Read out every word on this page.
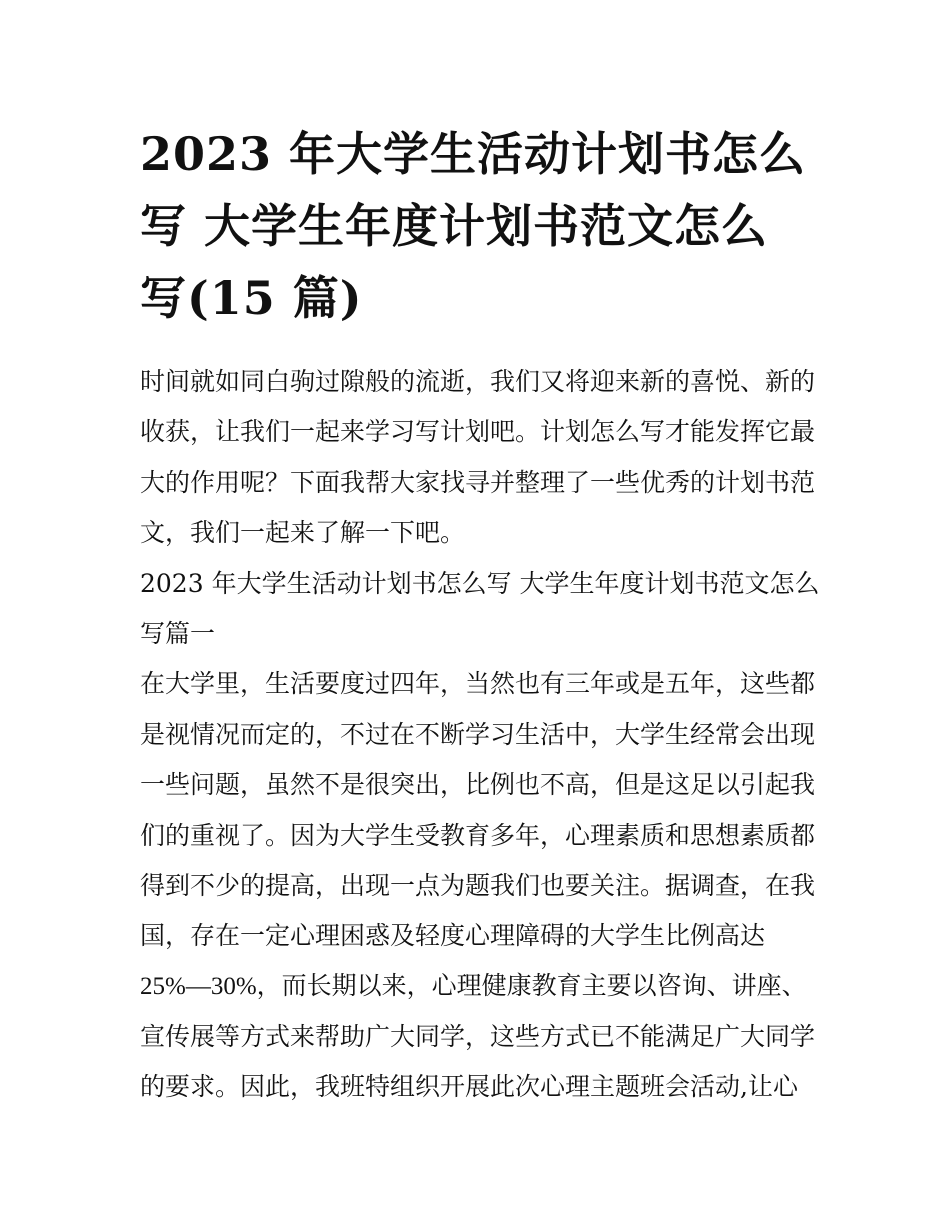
2023 年大学生活动计划书怎么
写 大学生年度计划书范文怎么
写(15 篇)
时间就如同白驹过隙般的流逝，我们又将迎来新的喜悦、新的
收获，让我们一起来学习写计划吧。计划怎么写才能发挥它最
大的作用呢？下面我帮大家找寻并整理了一些优秀的计划书范
文，我们一起来了解一下吧。
2023 年大学生活动计划书怎么写 大学生年度计划书范文怎么
写篇一
在大学里，生活要度过四年，当然也有三年或是五年，这些都
是视情况而定的，不过在不断学习生活中，大学生经常会出现
一些问题，虽然不是很突出，比例也不高，但是这足以引起我
们的重视了。因为大学生受教育多年，心理素质和思想素质都
得到不少的提高，出现一点为题我们也要关注。据调查，在我
国，存在一定心理困惑及轻度心理障碍的大学生比例高达
25%—30%，而长期以来，心理健康教育主要以咨询、讲座、
宣传展等方式来帮助广大同学，这些方式已不能满足广大同学
的要求。因此，我班特组织开展此次心理主题班会活动,让心
